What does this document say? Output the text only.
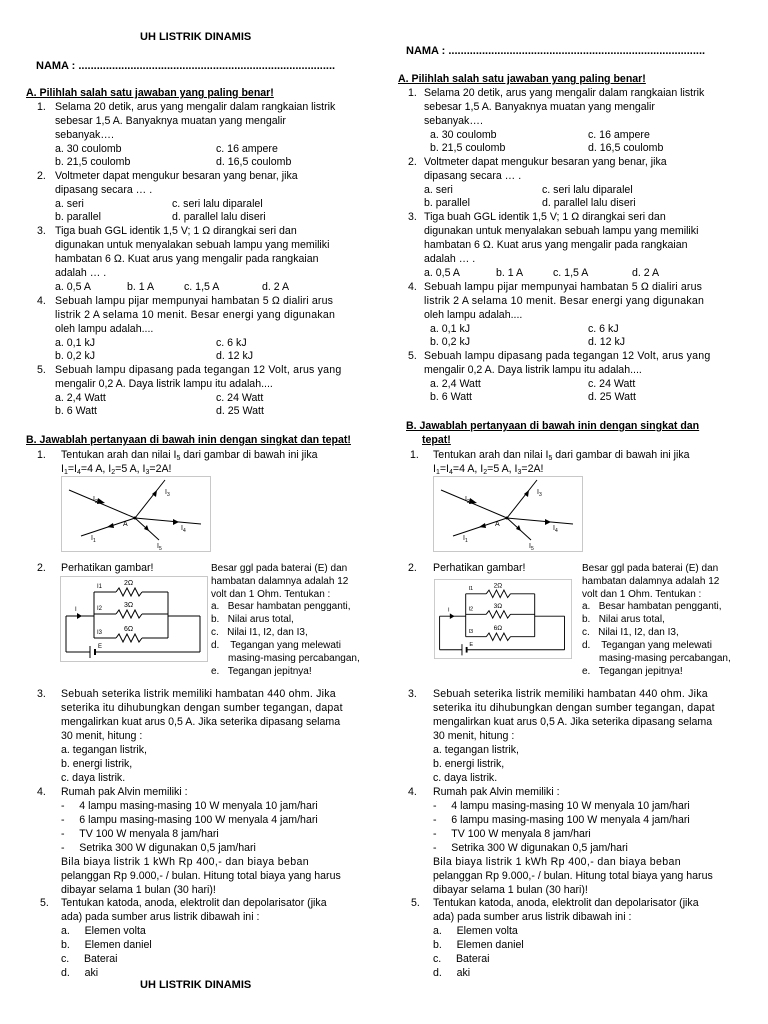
UH LISTRIK DINAMIS
NAMA : ....................................................................................
A. Pilihlah salah satu jawaban yang paling benar!
1. Selama 20 detik, arus yang mengalir dalam rangkaian listrik
sebesar 1,5 A. Banyaknya muatan yang mengalir
sebanyak….
a. 30 coulomb	c. 16 ampere
b. 21,5 coulomb	d. 16,5 coulomb
2. Voltmeter dapat mengukur besaran yang benar, jika
dipasang secara … .
a. seri	c. seri lalu diparalel
b. parallel	d. parallel lalu diseri
3. Tiga buah GGL identik 1,5 V; 1 Ω dirangkai seri dan
digunakan untuk menyalakan sebuah lampu yang memiliki
hambatan 6 Ω. Kuat arus yang mengalir pada rangkaian
adalah … .
a. 0,5 A	b. 1 A	c. 1,5 A	d. 2 A
4. Sebuah lampu pijar mempunyai hambatan 5 Ω dialiri arus
listrik 2 A selama 10 menit. Besar energi yang digunakan
oleh lampu adalah....
a. 0,1 kJ	c. 6 kJ
b. 0,2 kJ	d. 12 kJ
5. Sebuah lampu dipasang pada tegangan 12 Volt, arus yang
mengalir 0,2 A. Daya listrik lampu itu adalah....
a. 2,4 Watt	c. 24 Watt
b. 6 Watt	d. 25 Watt
B. Jawablah pertanyaan di bawah inin dengan singkat dan tepat!
1. Tentukan arah dan nilai $I_5$ dari gambar di bawah ini jika
$I_1=I_4=4$ A, $I_2=5$ A, $I_3=2A$!
$I_2$
$I_3$
A
$I_4$
$I_1$
$I_5$
2. Perhatikan gambar!
2Ω
3Ω
6Ω
I1
I2
I3
I
E
Besar ggl pada baterai (E) dan
hambatan dalamnya adalah 12
volt dan 1 Ohm. Tentukan :
a. Besar hambatan pengganti,
b. Nilai arus total,
c. Nilai I1, I2, dan I3,
d.    Tegangan yang melewati
masing-masing percabangan,
e. Tegangan jepitnya!
3. Sebuah seterika listrik memiliki hambatan 440 ohm. Jika
seterika itu dihubungkan dengan sumber tegangan, dapat
mengalirkan kuat arus 0,5 A. Jika seterika dipasang selama
30 menit, hitung :
a. tegangan listrik,
b. energi listrik,
c. daya listrik.
4. Rumah pak Alvin memiliki :
-     4 lampu masing-masing 10 W menyala 10 jam/hari
-     6 lampu masing-masing 100 W menyala 4 jam/hari
-     TV 100 W menyala 8 jam/hari
-     Setrika 300 W digunakan 0,5 jam/hari
Bila biaya listrik 1 kWh Rp 400,- dan biaya beban
pelanggan Rp 9.000,- / bulan. Hitung total biaya yang harus
dibayar selama 1 bulan (30 hari)!
5. Tentukan katoda, anoda, elektrolit dan depolarisator (jika
ada) pada sumber arus listrik dibawah ini :
a. Elemen volta
b. Elemen daniel
c. Baterai
d. aki
UH LISTRIK DINAMIS
NAMA : ....................................................................................
A. Pilihlah salah satu jawaban yang paling benar!
1. Selama 20 detik, arus yang mengalir dalam rangkaian listrik
sebesar 1,5 A. Banyaknya muatan yang mengalir
sebanyak….
a. 30 coulomb	c. 16 ampere
b. 21,5 coulomb	d. 16,5 coulomb
2. Voltmeter dapat mengukur besaran yang benar, jika
dipasang secara … .
a. seri	c. seri lalu diparalel
b. parallel	d. parallel lalu diseri
3. Tiga buah GGL identik 1,5 V; 1 Ω dirangkai seri dan
digunakan untuk menyalakan sebuah lampu yang memiliki
hambatan 6 Ω. Kuat arus yang mengalir pada rangkaian
adalah … .
a. 0,5 A	b. 1 A	c. 1,5 A	d. 2 A
4. Sebuah lampu pijar mempunyai hambatan 5 Ω dialiri arus
listrik 2 A selama 10 menit. Besar energi yang digunakan
oleh lampu adalah....
a. 0,1 kJ	c. 6 kJ
b. 0,2 kJ	d. 12 kJ
5. Sebuah lampu dipasang pada tegangan 12 Volt, arus yang
mengalir 0,2 A. Daya listrik lampu itu adalah....
a. 2,4 Watt	c. 24 Watt
b. 6 Watt	d. 25 Watt
B. Jawablah pertanyaan di bawah inin dengan singkat dan
tepat!
1. Tentukan arah dan nilai $I_5$ dari gambar di bawah ini jika
$I_1=I_4=4$ A, $I_2=5$ A, $I_3=2A$!
$I_2$
$I_3$
A
$I_4$
$I_1$
$I_5$
2. Perhatikan gambar!
2Ω
3Ω
6Ω
I1
I2
I3
I
E
Besar ggl pada baterai (E) dan
hambatan dalamnya adalah 12
volt dan 1 Ohm. Tentukan :
a. Besar hambatan pengganti,
b. Nilai arus total,
c. Nilai I1, I2, dan I3,
d.    Tegangan yang melewati
masing-masing percabangan,
e. Tegangan jepitnya!
3. Sebuah seterika listrik memiliki hambatan 440 ohm. Jika
seterika itu dihubungkan dengan sumber tegangan, dapat
mengalirkan kuat arus 0,5 A. Jika seterika dipasang selama
30 menit, hitung :
a. tegangan listrik,
b. energi listrik,
c. daya listrik.
4. Rumah pak Alvin memiliki :
-     4 lampu masing-masing 10 W menyala 10 jam/hari
-     6 lampu masing-masing 100 W menyala 4 jam/hari
-     TV 100 W menyala 8 jam/hari
-     Setrika 300 W digunakan 0,5 jam/hari
Bila biaya listrik 1 kWh Rp 400,- dan biaya beban
pelanggan Rp 9.000,- / bulan. Hitung total biaya yang harus
dibayar selama 1 bulan (30 hari)!
5. Tentukan katoda, anoda, elektrolit dan depolarisator (jika
ada) pada sumber arus listrik dibawah ini :
a. Elemen volta
b. Elemen daniel
c. Baterai
d. aki
